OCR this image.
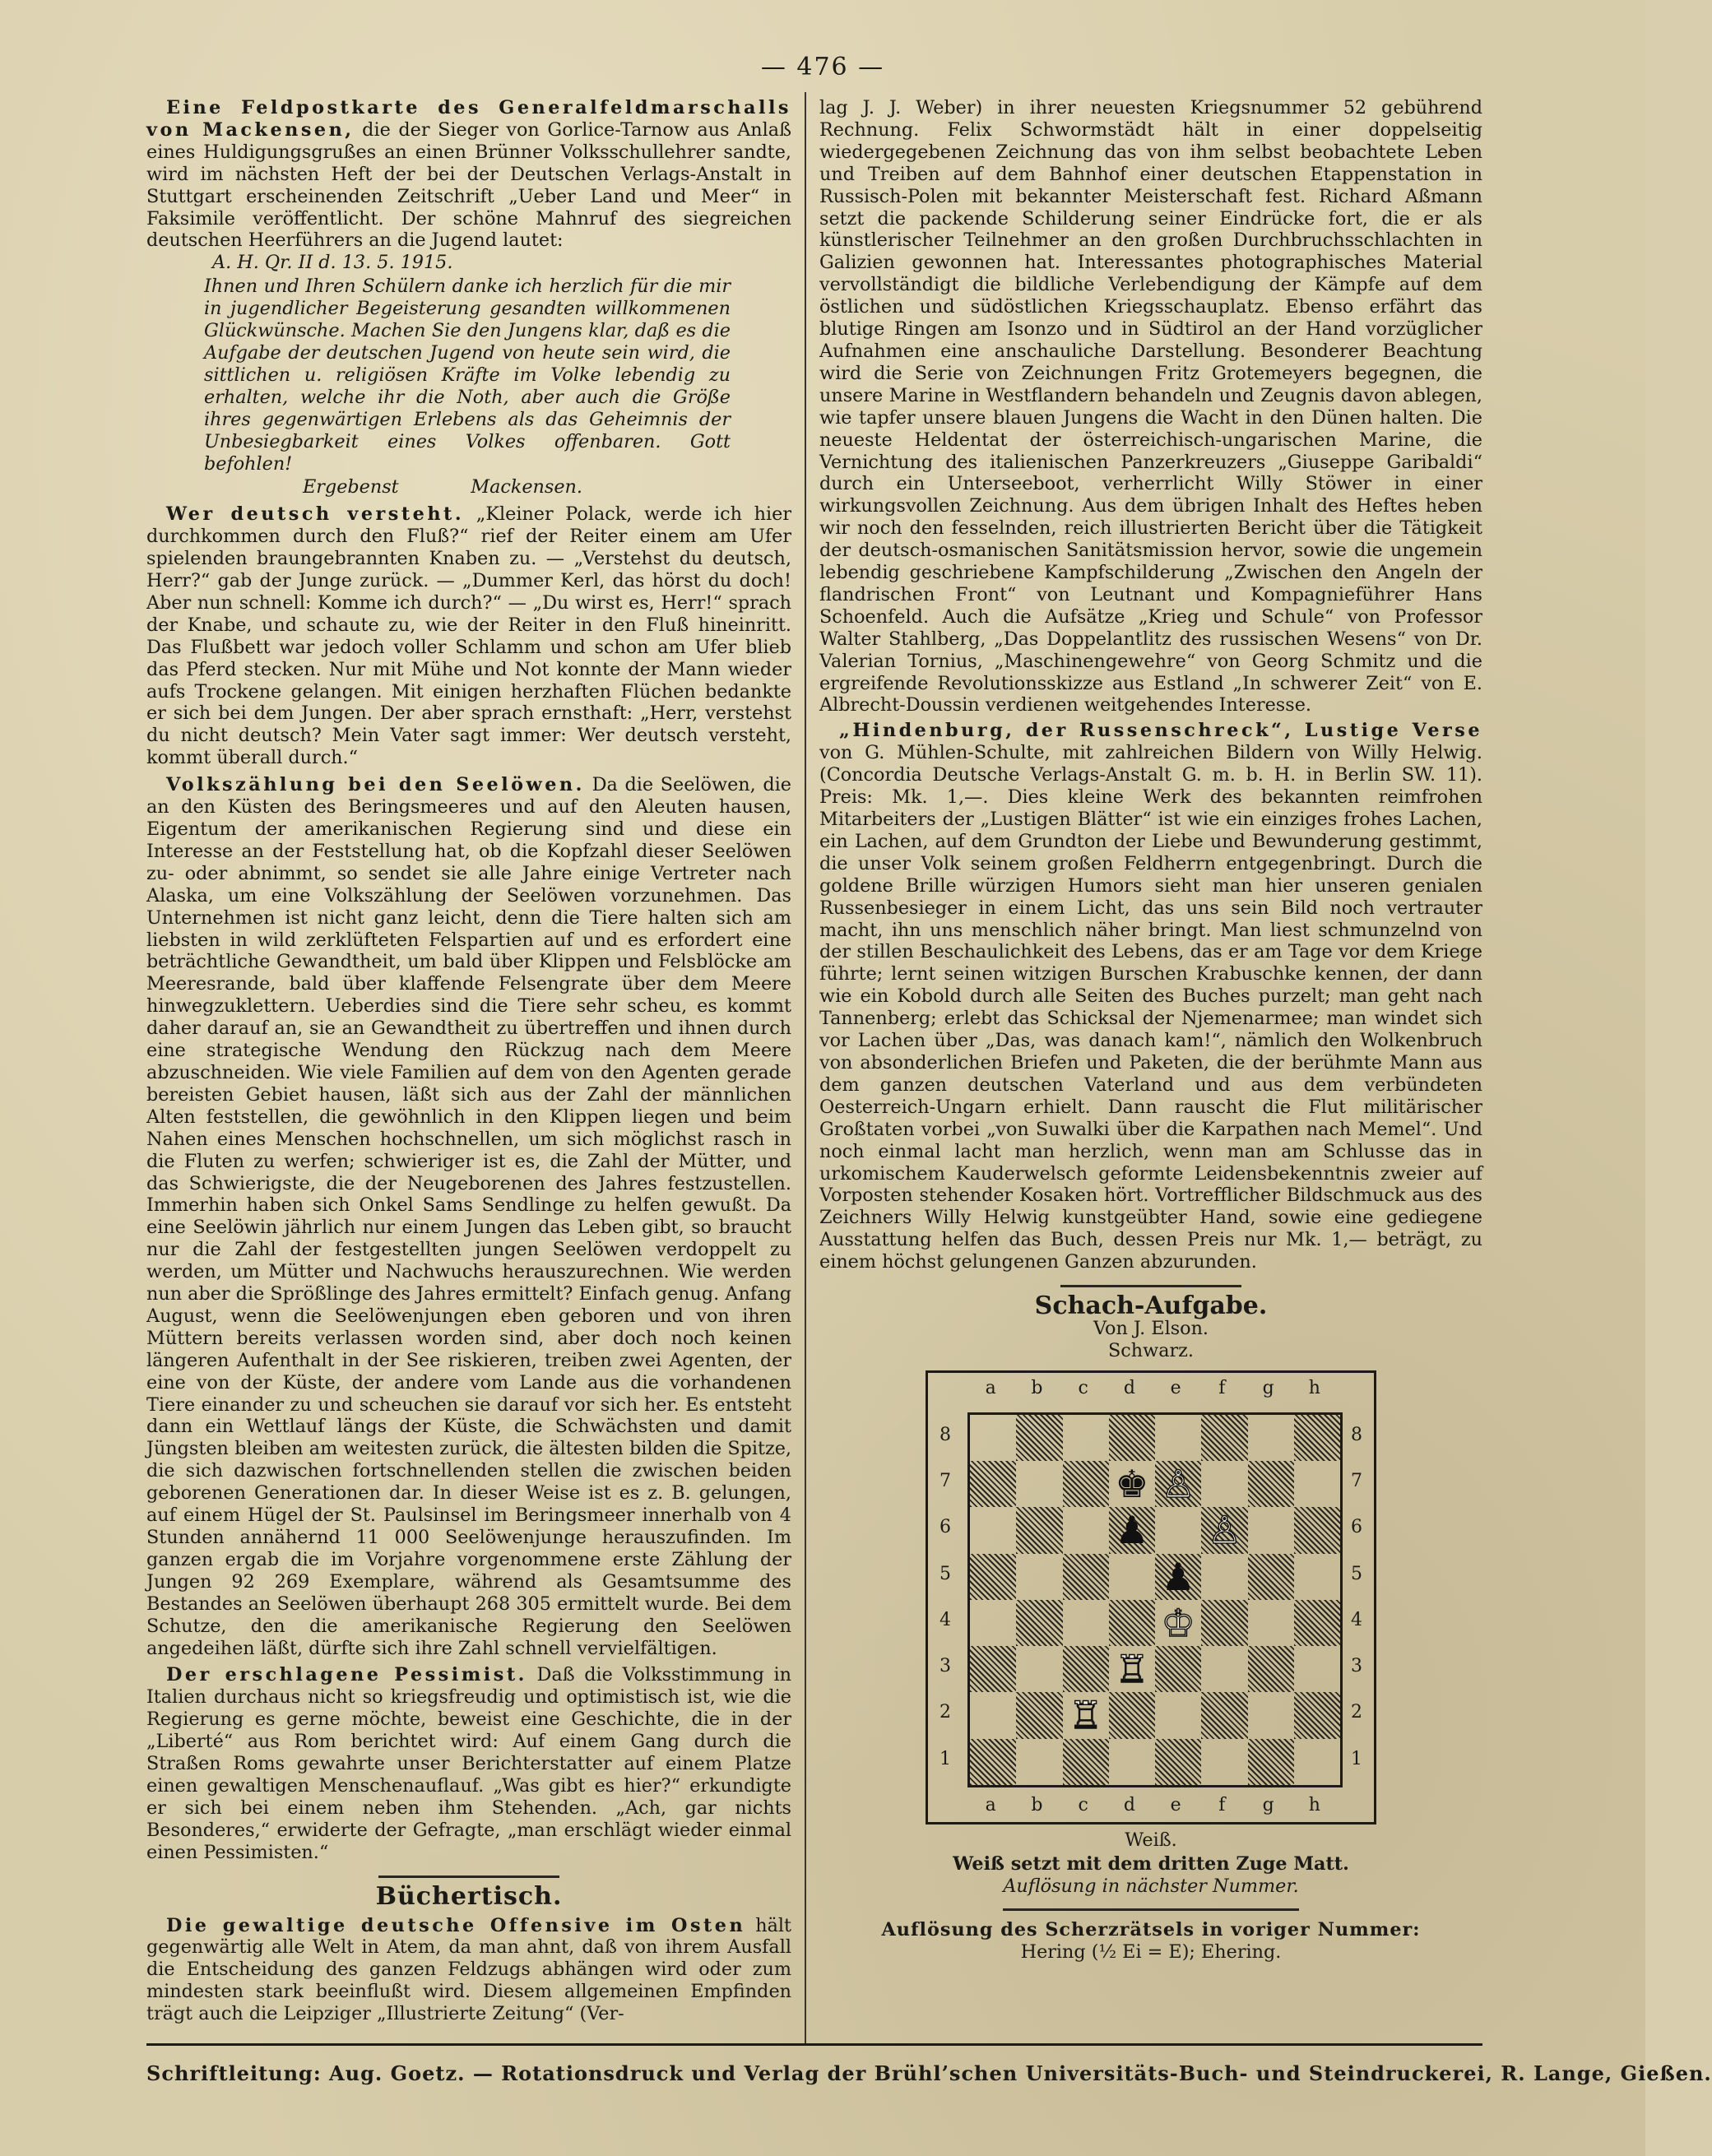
— 476 —

Eine Feldpostkarte des Generalfeldmarschalls von Mackensen, die der Sieger von Gorlice-Tarnow aus Anlaß eines Huldigungsgrußes an einen Brünner Volksschullehrer sandte, wird im nächsten Heft der bei der Deutschen Verlags-Anstalt in Stuttgart erscheinenden Zeitschrift „Ueber Land und Meer“ in Faksimile veröffentlicht. Der schöne Mahnruf des siegreichen deutschen Heerführers an die Jugend lautet:

A. H. Qr. II d. 13. 5. 1915.

Ihnen und Ihren Schülern danke ich herzlich für die mir in jugendlicher Begeisterung gesandten willkommenen Glückwünsche. Machen Sie den Jungens klar, daß es die Aufgabe der deutschen Jugend von heute sein wird, die sittlichen u. religiösen Kräfte im Volke lebendig zu erhalten, welche ihr die Noth, aber auch die Größe ihres gegenwärtigen Erlebens als das Geheimnis der Unbesiegbarkeit eines Volkes offenbaren. Gott befohlen!

Ergebenst	Mackensen.

Wer deutsch versteht. „Kleiner Polack, werde ich hier durchkommen durch den Fluß?“ rief der Reiter einem am Ufer spielenden braungebrannten Knaben zu. — „Verstehst du deutsch, Herr?“ gab der Junge zurück. — „Dummer Kerl, das hörst du doch! Aber nun schnell: Komme ich durch?“ — „Du wirst es, Herr!“ sprach der Knabe, und schaute zu, wie der Reiter in den Fluß hineinritt. Das Flußbett war jedoch voller Schlamm und schon am Ufer blieb das Pferd stecken. Nur mit Mühe und Not konnte der Mann wieder aufs Trockene gelangen. Mit einigen herzhaften Flüchen bedankte er sich bei dem Jungen. Der aber sprach ernsthaft: „Herr, verstehst du nicht deutsch? Mein Vater sagt immer: Wer deutsch versteht, kommt überall durch.“

Volkszählung bei den Seelöwen. Da die Seelöwen, die an den Küsten des Beringsmeeres und auf den Aleuten hausen, Eigentum der amerikanischen Regierung sind und diese ein Interesse an der Feststellung hat, ob die Kopfzahl dieser Seelöwen zu- oder abnimmt, so sendet sie alle Jahre einige Vertreter nach Alaska, um eine Volkszählung der Seelöwen vorzunehmen. Das Unternehmen ist nicht ganz leicht, denn die Tiere halten sich am liebsten in wild zerklüfteten Felspartien auf und es erfordert eine beträchtliche Gewandtheit, um bald über Klippen und Felsblöcke am Meeresrande, bald über klaffende Felsengrate über dem Meere hinwegzuklettern. Ueberdies sind die Tiere sehr scheu, es kommt daher darauf an, sie an Gewandtheit zu übertreffen und ihnen durch eine strategische Wendung den Rückzug nach dem Meere abzuschneiden. Wie viele Familien auf dem von den Agenten gerade bereisten Gebiet hausen, läßt sich aus der Zahl der männlichen Alten feststellen, die gewöhnlich in den Klippen liegen und beim Nahen eines Menschen hochschnellen, um sich möglichst rasch in die Fluten zu werfen; schwieriger ist es, die Zahl der Mütter, und das Schwierigste, die der Neugeborenen des Jahres festzustellen. Immerhin haben sich Onkel Sams Sendlinge zu helfen gewußt. Da eine Seelöwin jährlich nur einem Jungen das Leben gibt, so braucht nur die Zahl der festgestellten jungen Seelöwen verdoppelt zu werden, um Mütter und Nachwuchs herauszurechnen. Wie werden nun aber die Sprößlinge des Jahres ermittelt? Einfach genug. Anfang August, wenn die Seelöwenjungen eben geboren und von ihren Müttern bereits verlassen worden sind, aber doch noch keinen längeren Aufenthalt in der See riskieren, treiben zwei Agenten, der eine von der Küste, der andere vom Lande aus die vorhandenen Tiere einander zu und scheuchen sie darauf vor sich her. Es entsteht dann ein Wettlauf längs der Küste, die Schwächsten und damit Jüngsten bleiben am weitesten zurück, die ältesten bilden die Spitze, die sich dazwischen fortschnellenden stellen die zwischen beiden geborenen Generationen dar. In dieser Weise ist es z. B. gelungen, auf einem Hügel der St. Paulsinsel im Beringsmeer innerhalb von 4 Stunden annähernd 11 000 Seelöwenjunge herauszufinden. Im ganzen ergab die im Vorjahre vorgenommene erste Zählung der Jungen 92 269 Exemplare, während als Gesamtsumme des Bestandes an Seelöwen überhaupt 268 305 ermittelt wurde. Bei dem Schutze, den die amerikanische Regierung den Seelöwen angedeihen läßt, dürfte sich ihre Zahl schnell vervielfältigen.

Der erschlagene Pessimist. Daß die Volksstimmung in Italien durchaus nicht so kriegsfreudig und optimistisch ist, wie die Regierung es gerne möchte, beweist eine Geschichte, die in der „Liberté“ aus Rom berichtet wird: Auf einem Gang durch die Straßen Roms gewahrte unser Berichterstatter auf einem Platze einen gewaltigen Menschenauflauf. „Was gibt es hier?“ erkundigte er sich bei einem neben ihm Stehenden. „Ach, gar nichts Besonderes,“ erwiderte der Gefragte, „man erschlägt wieder einmal einen Pessimisten.“

Büchertisch.

Die gewaltige deutsche Offensive im Osten hält gegenwärtig alle Welt in Atem, da man ahnt, daß von ihrem Ausfall die Entscheidung des ganzen Feldzugs abhängen wird oder zum mindesten stark beeinflußt wird. Diesem allgemeinen Empfinden trägt auch die Leipziger „Illustrierte Zeitung“ (Ver-

lag J. J. Weber) in ihrer neuesten Kriegsnummer 52 gebührend Rechnung. Felix Schwormstädt hält in einer doppelseitig wiedergegebenen Zeichnung das von ihm selbst beobachtete Leben und Treiben auf dem Bahnhof einer deutschen Etappenstation in Russisch-Polen mit bekannter Meisterschaft fest. Richard Aßmann setzt die packende Schilderung seiner Eindrücke fort, die er als künstlerischer Teilnehmer an den großen Durchbruchsschlachten in Galizien gewonnen hat. Interessantes photographisches Material vervollständigt die bildliche Verlebendigung der Kämpfe auf dem östlichen und südöstlichen Kriegsschauplatz. Ebenso erfährt das blutige Ringen am Isonzo und in Südtirol an der Hand vorzüglicher Aufnahmen eine anschauliche Darstellung. Besonderer Beachtung wird die Serie von Zeichnungen Fritz Grotemeyers begegnen, die unsere Marine in Westflandern behandeln und Zeugnis davon ablegen, wie tapfer unsere blauen Jungens die Wacht in den Dünen halten. Die neueste Heldentat der österreichisch-ungarischen Marine, die Vernichtung des italienischen Panzerkreuzers „Giuseppe Garibaldi“ durch ein Unterseeboot, verherrlicht Willy Stöwer in einer wirkungsvollen Zeichnung. Aus dem übrigen Inhalt des Heftes heben wir noch den fesselnden, reich illustrierten Bericht über die Tätigkeit der deutsch-osmanischen Sanitätsmission hervor, sowie die ungemein lebendig geschriebene Kampfschilderung „Zwischen den Angeln der flandrischen Front“ von Leutnant und Kompagnieführer Hans Schoenfeld. Auch die Aufsätze „Krieg und Schule“ von Professor Walter Stahlberg, „Das Doppelantlitz des russischen Wesens“ von Dr. Valerian Tornius, „Maschinengewehre“ von Georg Schmitz und die ergreifende Revolutionsskizze aus Estland „In schwerer Zeit“ von E. Albrecht-Doussin verdienen weitgehendes Interesse.

„Hindenburg, der Russenschreck“, Lustige Verse von G. Mühlen-Schulte, mit zahlreichen Bildern von Willy Helwig. (Concordia Deutsche Verlags-Anstalt G. m. b. H. in Berlin SW. 11). Preis: Mk. 1,—. Dies kleine Werk des bekannten reimfrohen Mitarbeiters der „Lustigen Blätter“ ist wie ein einziges frohes Lachen, ein Lachen, auf dem Grundton der Liebe und Bewunderung gestimmt, die unser Volk seinem großen Feldherrn entgegenbringt. Durch die goldene Brille würzigen Humors sieht man hier unseren genialen Russenbesieger in einem Licht, das uns sein Bild noch vertrauter macht, ihn uns menschlich näher bringt. Man liest schmunzelnd von der stillen Beschaulichkeit des Lebens, das er am Tage vor dem Kriege führte; lernt seinen witzigen Burschen Krabuschke kennen, der dann wie ein Kobold durch alle Seiten des Buches purzelt; man geht nach Tannenberg; erlebt das Schicksal der Njemenarmee; man windet sich vor Lachen über „Das, was danach kam!“, nämlich den Wolkenbruch von absonderlichen Briefen und Paketen, die der berühmte Mann aus dem ganzen deutschen Vaterland und aus dem verbündeten Oesterreich-Ungarn erhielt. Dann rauscht die Flut militärischer Großtaten vorbei „von Suwalki über die Karpathen nach Memel“. Und noch einmal lacht man herzlich, wenn man am Schlusse das in urkomischem Kauderwelsch geformte Leidensbekenntnis zweier auf Vorposten stehender Kosaken hört. Vortrefflicher Bildschmuck aus des Zeichners Willy Helwig kunstgeübter Hand, sowie eine gediegene Ausstattung helfen das Buch, dessen Preis nur Mk. 1,— beträgt, zu einem höchst gelungenen Ganzen abzurunden.

Schach-Aufgabe.

Von J. Elson.

Schwarz.

a	b	c	d	e	f	g	h
8
7
6
5
4
3
2
1
♚ ♙
♟ ♙
♟
♔
♖
♖
8
7
6
5
4
3
2
1
a	b	c	d	e	f	g	h

Weiß.

Weiß setzt mit dem dritten Zuge Matt.

Auflösung in nächster Nummer.

Auflösung des Scherzrätsels in voriger Nummer:

Hering (½ Ei = E); Ehering.

Schriftleitung: Aug. Goetz. — Rotationsdruck und Verlag der Brühl’schen Universitäts-Buch- und Steindruckerei, R. Lange, Gießen.
